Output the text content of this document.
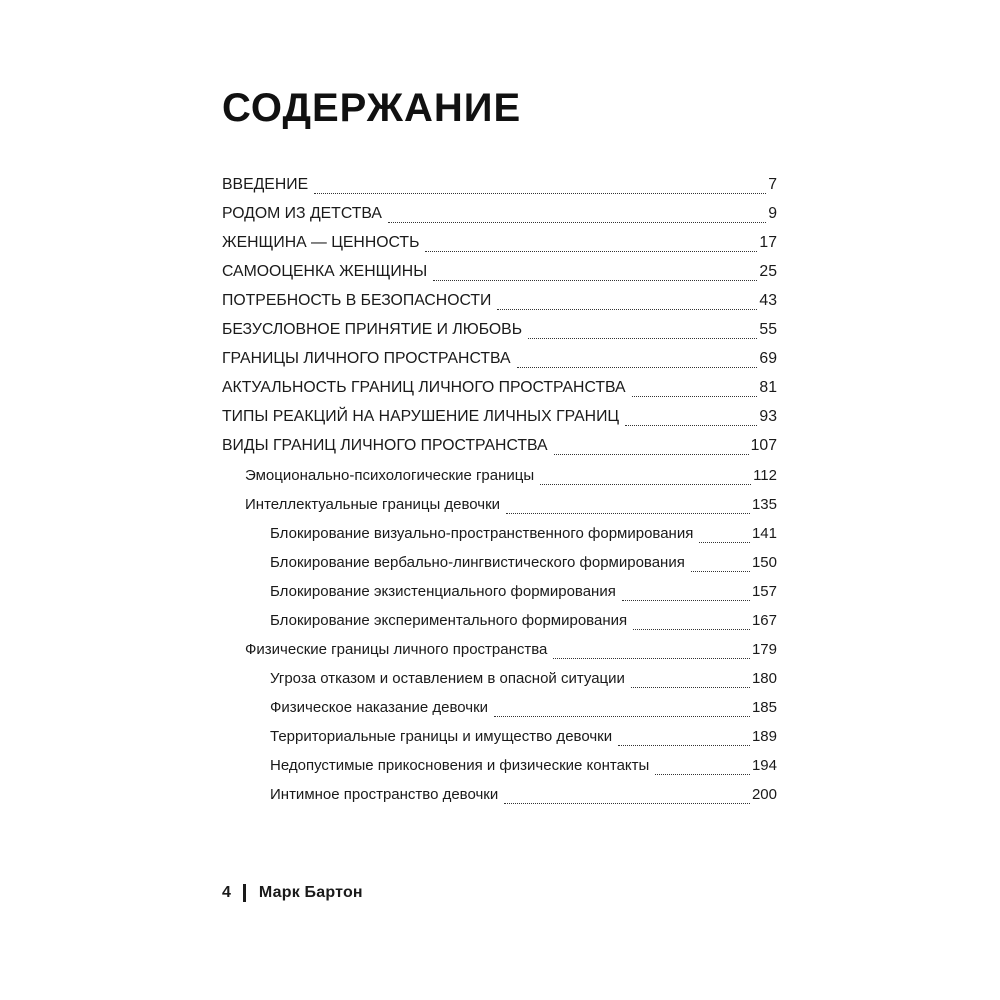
СОДЕРЖАНИЕ
ВВЕДЕНИЕ	7
РОДОМ ИЗ ДЕТСТВА	9
ЖЕНЩИНА — ЦЕННОСТЬ	17
САМООЦЕНКА ЖЕНЩИНЫ	25
ПОТРЕБНОСТЬ В БЕЗОПАСНОСТИ	43
БЕЗУСЛОВНОЕ ПРИНЯТИЕ И ЛЮБОВЬ	55
ГРАНИЦЫ ЛИЧНОГО ПРОСТРАНСТВА	69
АКТУАЛЬНОСТЬ ГРАНИЦ ЛИЧНОГО ПРОСТРАНСТВА	81
ТИПЫ РЕАКЦИЙ НА НАРУШЕНИЕ ЛИЧНЫХ ГРАНИЦ	93
ВИДЫ ГРАНИЦ ЛИЧНОГО ПРОСТРАНСТВА	107
Эмоционально-психологические границы	112
Интеллектуальные границы девочки	135
Блокирование визуально-пространственного формирования	141
Блокирование вербально-лингвистического формирования	150
Блокирование экзистенциального формирования	157
Блокирование экспериментального формирования	167
Физические границы личного пространства	179
Угроза отказом и оставлением в опасной ситуации	180
Физическое наказание девочки	185
Территориальные границы и имущество девочки	189
Недопустимые прикосновения и физические контакты	194
Интимное пространство девочки	200
4 Марк Бартон
